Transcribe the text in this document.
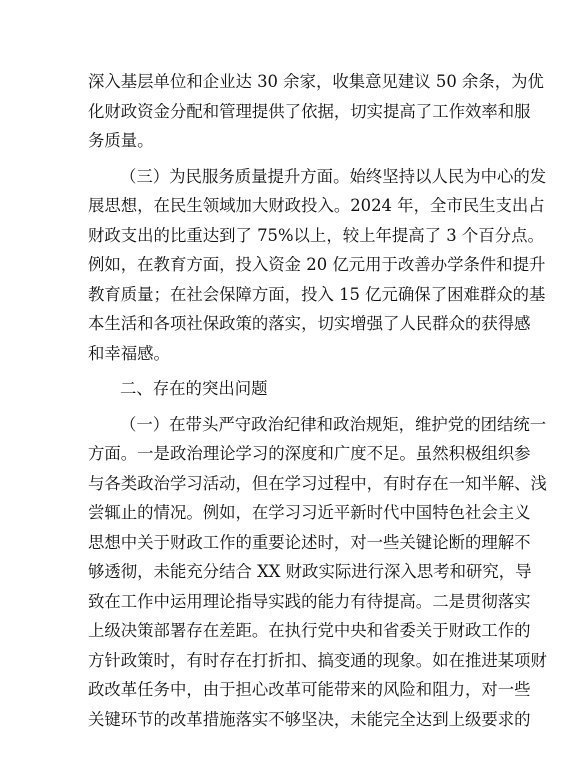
深入基层单位和企业达 30 余家，收集意见建议 50 余条，为优
化财政资金分配和管理提供了依据，切实提高了工作效率和服
务质量。
（三）为民服务质量提升方面。始终坚持以人民为中心的发
展思想，在民生领域加大财政投入。2024 年，全市民生支出占
财政支出的比重达到了 75%以上，较上年提高了 3 个百分点。
例如，在教育方面，投入资金 20 亿元用于改善办学条件和提升
教育质量；在社会保障方面，投入 15 亿元确保了困难群众的基
本生活和各项社保政策的落实，切实增强了人民群众的获得感
和幸福感。
二、存在的突出问题
（一）在带头严守政治纪律和政治规矩，维护党的团结统一
方面。一是政治理论学习的深度和广度不足。虽然积极组织参
与各类政治学习活动，但在学习过程中，有时存在一知半解、浅
尝辄止的情况。例如，在学习习近平新时代中国特色社会主义
思想中关于财政工作的重要论述时，对一些关键论断的理解不
够透彻，未能充分结合 XX 财政实际进行深入思考和研究，导
致在工作中运用理论指导实践的能力有待提高。二是贯彻落实
上级决策部署存在差距。在执行党中央和省委关于财政工作的
方针政策时，有时存在打折扣、搞变通的现象。如在推进某项财
政改革任务中，由于担心改革可能带来的风险和阻力，对一些
关键环节的改革措施落实不够坚决，未能完全达到上级要求的
